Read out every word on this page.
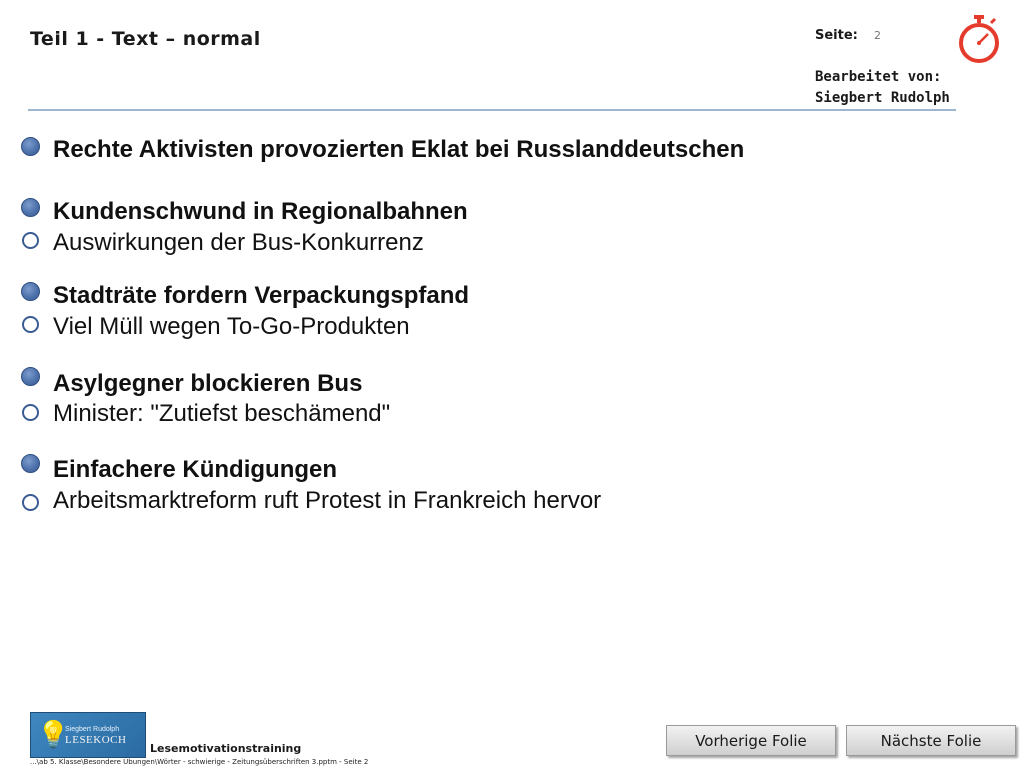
Teil 1 - Text – normal	Seite: 2
Bearbeitet von:
Siegbert Rudolph
Rechte Aktivisten provozierten Eklat bei Russlanddeutschen
Kundenschwund in Regionalbahnen
Auswirkungen der Bus-Konkurrenz
Stadträte fordern Verpackungspfand
Viel Müll wegen To-Go-Produkten
Asylgegner blockieren Bus
Minister: "Zutiefst beschämend"
Einfachere Kündigungen
Arbeitsmarktreform ruft Protest in Frankreich hervor
💡
Siegbert Rudolph
LESEKOCH
Lesemotivationstraining
...\ab 5. Klasse\Besondere Übungen\Wörter - schwierige - Zeitungsüberschriften 3.pptm - Seite 2
Vorherige Folie	Nächste Folie
